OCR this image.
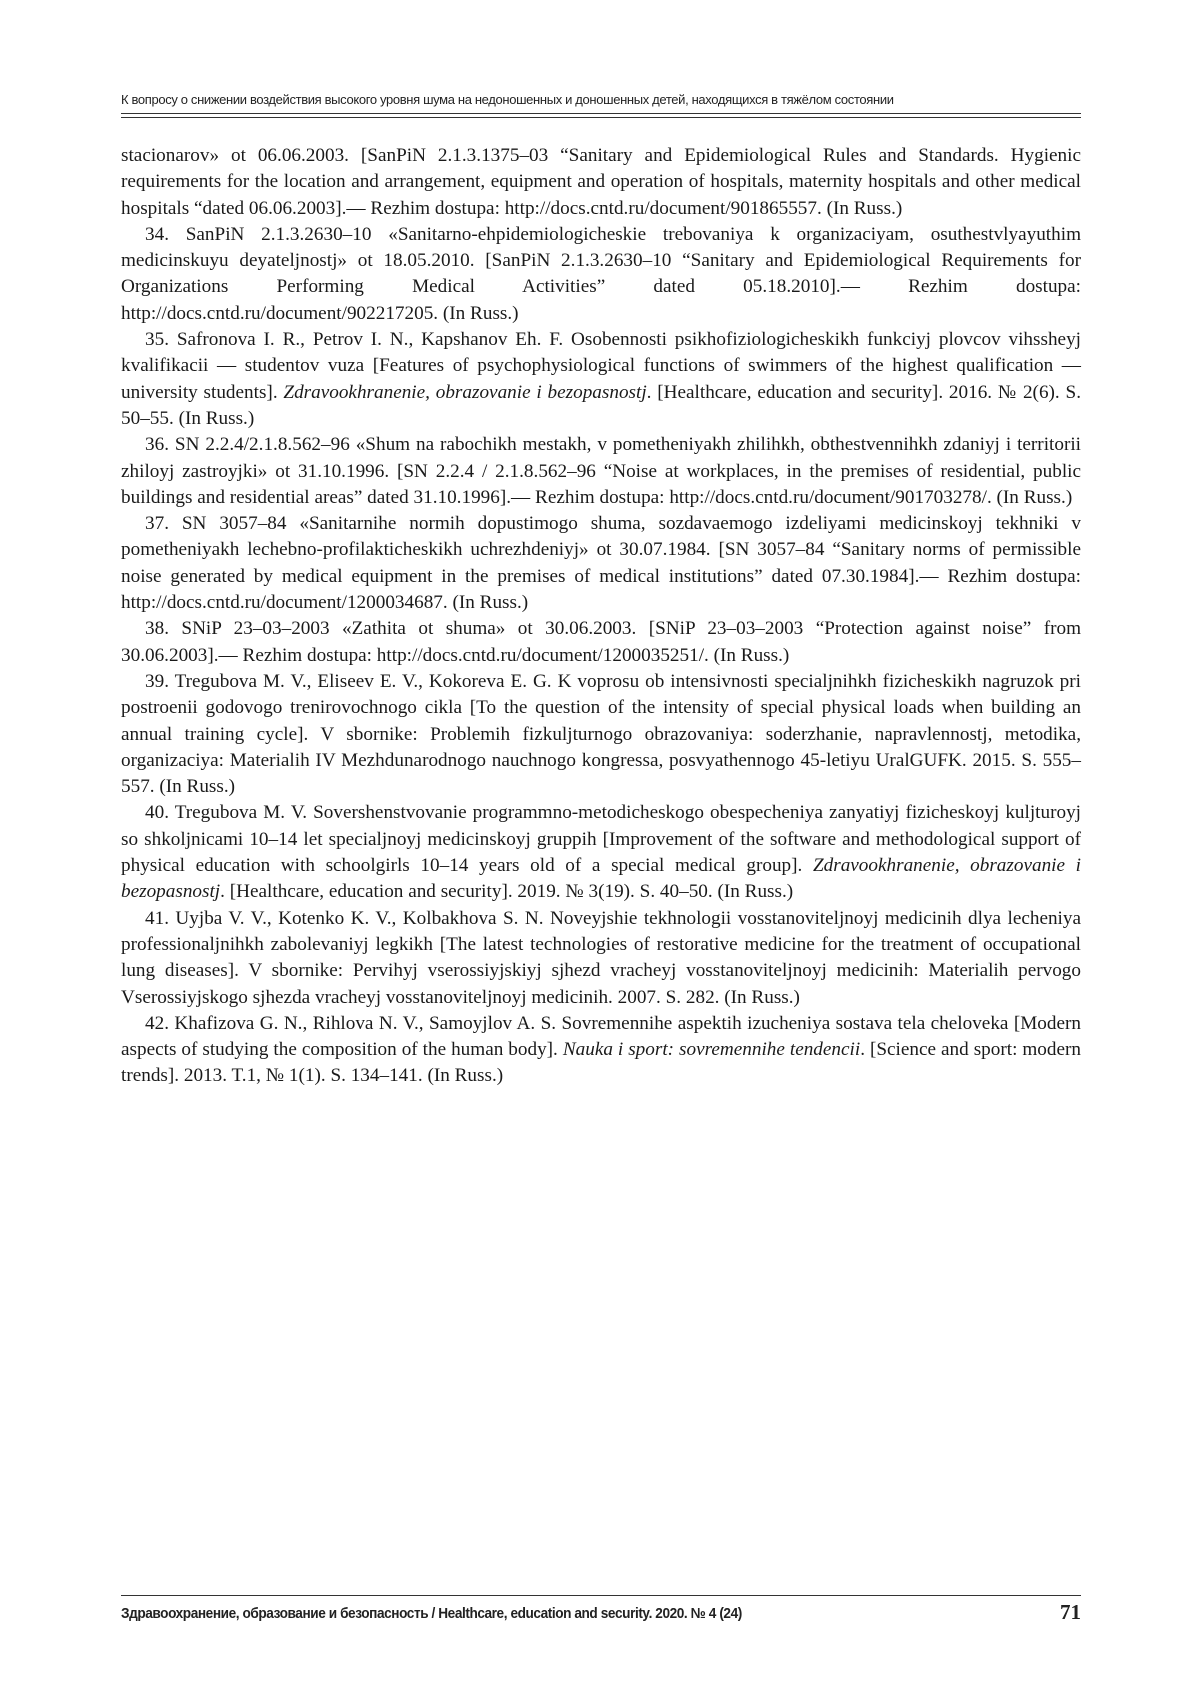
К вопросу о снижении воздействия высокого уровня шума на недоношенных и доношенных детей, находящихся в тяжёлом состоянии

stacionarov» ot 06.06.2003. [SanPiN 2.1.3.1375–03 “Sanitary and Epidemiological Rules and Standards. Hygienic requirements for the location and arrangement, equipment and operation of hospitals, maternity hospitals and other medical hospitals “dated 06.06.2003].— Rezhim dostupa: http://docs.cntd.ru/document/901865557. (In Russ.)

34. SanPiN 2.1.3.2630–10 «Sanitarno-ehpidemiologicheskie trebovaniya k organizaciyam, osuthestvlyayuthim medicinskuyu deyateljnostj» ot 18.05.2010. [SanPiN 2.1.3.2630–10 “Sanitary and Epidemiological Requirements for Organizations Performing Medical Activities” dated 05.18.2010].— Rezhim dostupa: http://docs.cntd.ru/document/902217205. (In Russ.)

35. Safronova I. R., Petrov I. N., Kapshanov Eh. F. Osobennosti psikhofiziologicheskikh funkciyj plovcov vihssheyj kvalifikacii — studentov vuza [Features of psychophysiological functions of swimmers of the highest qualification — university students]. Zdravookhranenie, obrazovanie i bezopasnostj. [Healthcare, education and security]. 2016. № 2(6). S. 50–55. (In Russ.)

36. SN 2.2.4/2.1.8.562–96 «Shum na rabochikh mestakh, v pometheniyakh zhilihkh, obthestvennihkh zdaniyj i territorii zhiloyj zastroyjki» ot 31.10.1996. [SN 2.2.4 / 2.1.8.562–96 “Noise at workplaces, in the premises of residential, public buildings and residential areas” dated 31.10.1996].— Rezhim dostupa: http://docs.cntd.ru/document/901703278/. (In Russ.)

37. SN 3057–84 «Sanitarnihe normih dopustimogo shuma, sozdavaemogo izdeliyami medicinskoyj tekhniki v pometheniyakh lechebno-profilakticheskikh uchrezhdeniyj» ot 30.07.1984. [SN 3057–84 “Sanitary norms of permissible noise generated by medical equipment in the premises of medical institutions” dated 07.30.1984].— Rezhim dostupa: http://docs.cntd.ru/document/1200034687. (In Russ.)

38. SNiP 23–03–2003 «Zathita ot shuma» ot 30.06.2003. [SNiP 23–03–2003 “Protection against noise” from 30.06.2003].— Rezhim dostupa: http://docs.cntd.ru/document/1200035251/. (In Russ.)

39. Tregubova M. V., Eliseev E. V., Kokoreva E. G. K voprosu ob intensivnosti specialjnihkh fizicheskikh nagruzok pri postroenii godovogo trenirovochnogo cikla [To the question of the intensity of special physical loads when building an annual training cycle]. V sbornike: Problemih fizkuljturnogo obrazovaniya: soderzhanie, napravlennostj, metodika, organizaciya: Materialih IV Mezhdunarodnogo nauchnogo kongressa, posvyathennogo 45-letiyu UralGUFK. 2015. S. 555–557. (In Russ.)

40. Tregubova M. V. Sovershenstvovanie programmno-metodicheskogo obespecheniya zanyatiyj fizicheskoyj kuljturoyj so shkoljnicami 10–14 let specialjnoyj medicinskoyj gruppih [Improvement of the software and methodological support of physical education with schoolgirls 10–14 years old of a special medical group]. Zdravookhranenie, obrazovanie i bezopasnostj. [Healthcare, education and security]. 2019. № 3(19). S. 40–50. (In Russ.)

41. Uyjba V. V., Kotenko K. V., Kolbakhova S. N. Noveyjshie tekhnologii vosstanoviteljnoyj medicinih dlya lecheniya professionaljnihkh zabolevaniyj legkikh [The latest technologies of restorative medicine for the treatment of occupational lung diseases]. V sbornike: Pervihyj vserossiyjskiyj sjhezd vracheyj vosstanoviteljnoyj medicinih: Materialih pervogo Vserossiyjskogo sjhezda vracheyj vosstanoviteljnoyj medicinih. 2007. S. 282. (In Russ.)

42. Khafizova G. N., Rihlova N. V., Samoyjlov A. S. Sovremennihe aspektih izucheniya sostava tela cheloveka [Modern aspects of studying the composition of the human body]. Nauka i sport: sovremennihe tendencii. [Science and sport: modern trends]. 2013. T.1, № 1(1). S. 134–141. (In Russ.)

Здравоохранение, образование и безопасность / Healthcare, education and security. 2020. № 4 (24)	71
